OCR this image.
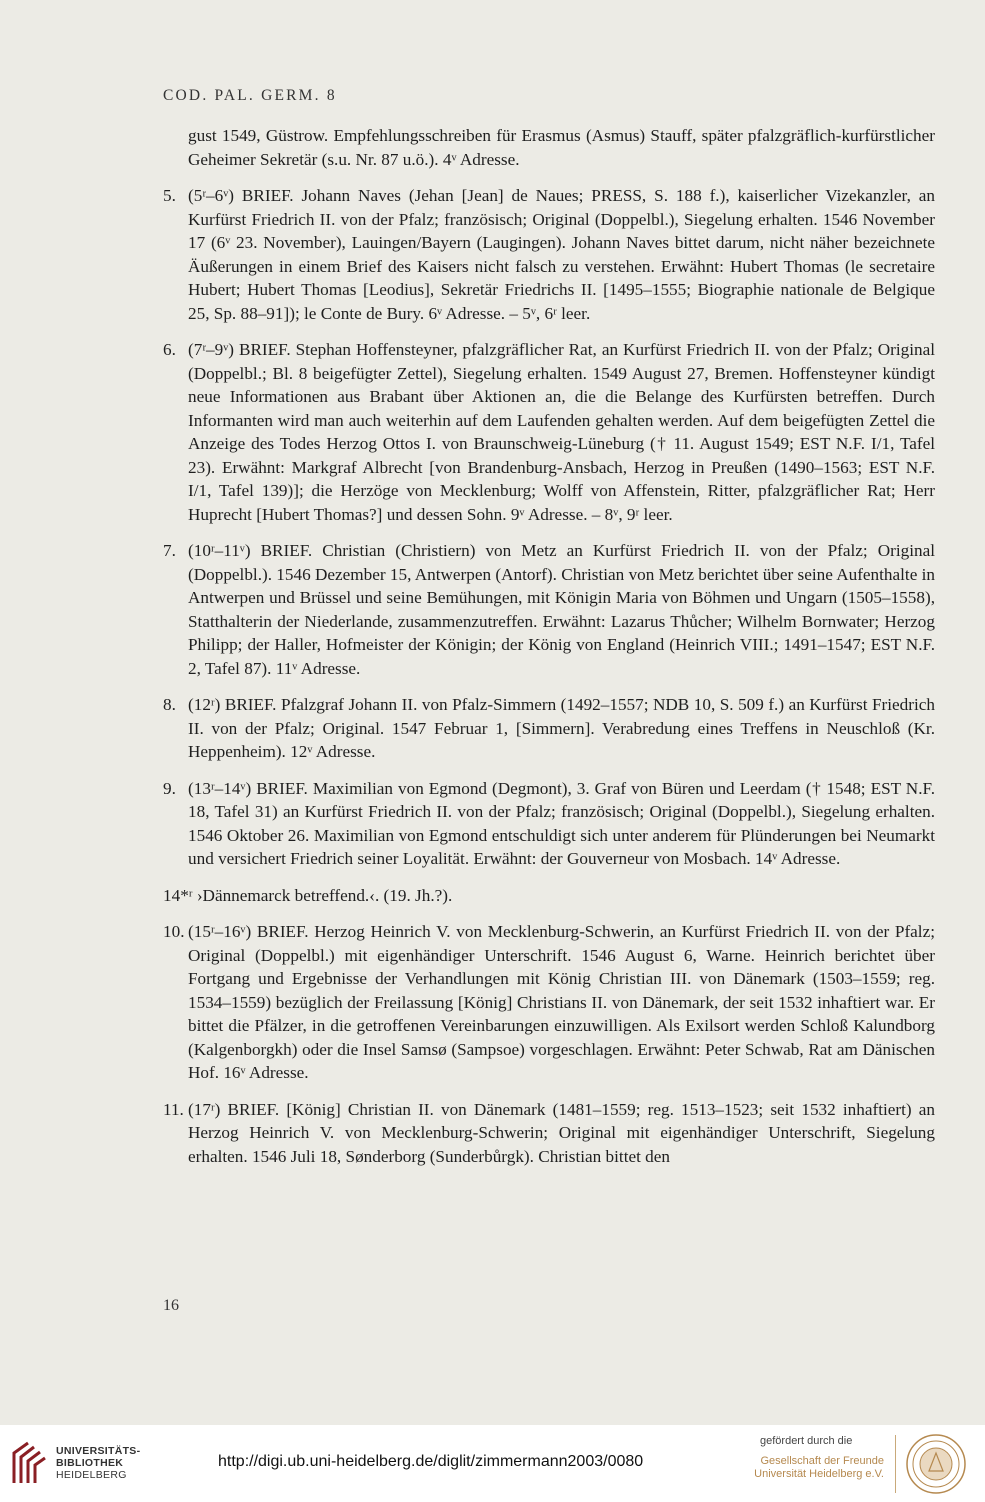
COD. PAL. GERM. 8

gust 1549, Güstrow. Empfehlungsschreiben für Erasmus (Asmus) Stauff, später pfalzgräflich-kurfürstlicher Geheimer Sekretär (s.u. Nr. 87 u.ö.). 4ᵛ Adresse.

5. (5ʳ–6ᵛ) BRIEF. Johann Naves (Jehan [Jean] de Naues; PRESS, S. 188 f.), kaiserlicher Vizekanzler, an Kurfürst Friedrich II. von der Pfalz; französisch; Original (Doppelbl.), Siegelung erhalten. 1546 November 17 (6ᵛ 23. November), Lauingen/Bayern (Laugingen). Johann Naves bittet darum, nicht näher bezeichnete Äußerungen in einem Brief des Kaisers nicht falsch zu verstehen. Erwähnt: Hubert Thomas (le secretaire Hubert; Hubert Thomas [Leodius], Sekretär Friedrichs II. [1495–1555; Biographie nationale de Belgique 25, Sp. 88–91]); le Conte de Bury. 6ᵛ Adresse. – 5ᵛ, 6ʳ leer.

6. (7ʳ–9ᵛ) BRIEF. Stephan Hoffensteyner, pfalzgräflicher Rat, an Kurfürst Friedrich II. von der Pfalz; Original (Doppelbl.; Bl. 8 beigefügter Zettel), Siegelung erhalten. 1549 August 27, Bremen. Hoffensteyner kündigt neue Informationen aus Brabant über Aktionen an, die die Belange des Kurfürsten betreffen. Durch Informanten wird man auch weiterhin auf dem Laufenden gehalten werden. Auf dem beigefügten Zettel die Anzeige des Todes Herzog Ottos I. von Braunschweig-Lüneburg († 11. August 1549; EST N.F. I/1, Tafel 23). Erwähnt: Markgraf Albrecht [von Brandenburg-Ansbach, Herzog in Preußen (1490–1563; EST N.F. I/1, Tafel 139)]; die Herzöge von Mecklenburg; Wolff von Affenstein, Ritter, pfalzgräflicher Rat; Herr Huprecht [Hubert Thomas?] und dessen Sohn. 9ᵛ Adresse. – 8ᵛ, 9ʳ leer.

7. (10ʳ–11ᵛ) BRIEF. Christian (Christiern) von Metz an Kurfürst Friedrich II. von der Pfalz; Original (Doppelbl.). 1546 Dezember 15, Antwerpen (Antorf). Christian von Metz berichtet über seine Aufenthalte in Antwerpen und Brüssel und seine Bemühungen, mit Königin Maria von Böhmen und Ungarn (1505–1558), Statthalterin der Niederlande, zusammenzutreffen. Erwähnt: Lazarus Thůcher; Wilhelm Bornwater; Herzog Philipp; der Haller, Hofmeister der Königin; der König von England (Heinrich VIII.; 1491–1547; EST N.F. 2, Tafel 87). 11ᵛ Adresse.

8. (12ʳ) BRIEF. Pfalzgraf Johann II. von Pfalz-Simmern (1492–1557; NDB 10, S. 509 f.) an Kurfürst Friedrich II. von der Pfalz; Original. 1547 Februar 1, [Simmern]. Verabredung eines Treffens in Neuschloß (Kr. Heppenheim). 12ᵛ Adresse.

9. (13ʳ–14ᵛ) BRIEF. Maximilian von Egmond (Degmont), 3. Graf von Büren und Leerdam († 1548; EST N.F. 18, Tafel 31) an Kurfürst Friedrich II. von der Pfalz; französisch; Original (Doppelbl.), Siegelung erhalten. 1546 Oktober 26. Maximilian von Egmond entschuldigt sich unter anderem für Plünderungen bei Neumarkt und versichert Friedrich seiner Loyalität. Erwähnt: der Gouverneur von Mosbach. 14ᵛ Adresse.

14*ʳ ›Dännemarck betreffend.‹. (19. Jh.?).

10. (15ʳ–16ᵛ) BRIEF. Herzog Heinrich V. von Mecklenburg-Schwerin, an Kurfürst Friedrich II. von der Pfalz; Original (Doppelbl.) mit eigenhändiger Unterschrift. 1546 August 6, Warne. Heinrich berichtet über Fortgang und Ergebnisse der Verhandlungen mit König Christian III. von Dänemark (1503–1559; reg. 1534–1559) bezüglich der Freilassung [König] Christians II. von Dänemark, der seit 1532 inhaftiert war. Er bittet die Pfälzer, in die getroffenen Vereinbarungen einzuwilligen. Als Exilsort werden Schloß Kalundborg (Kalgenborgkh) oder die Insel Samsø (Sampsoe) vorgeschlagen. Erwähnt: Peter Schwab, Rat am Dänischen Hof. 16ᵛ Adresse.

11. (17ʳ) BRIEF. [König] Christian II. von Dänemark (1481–1559; reg. 1513–1523; seit 1532 inhaftiert) an Herzog Heinrich V. von Mecklenburg-Schwerin; Original mit eigenhändiger Unterschrift, Siegelung erhalten. 1546 Juli 18, Sønderborg (Sunderbůrgk). Christian bittet den

16
UNIVERSITÄTS-
BIBLIOTHEK
HEIDELBERG
http://digi.ub.uni-heidelberg.de/diglit/zimmermann2003/0080
gefördert durch die
Gesellschaft der Freunde
Universität Heidelberg e.V.
